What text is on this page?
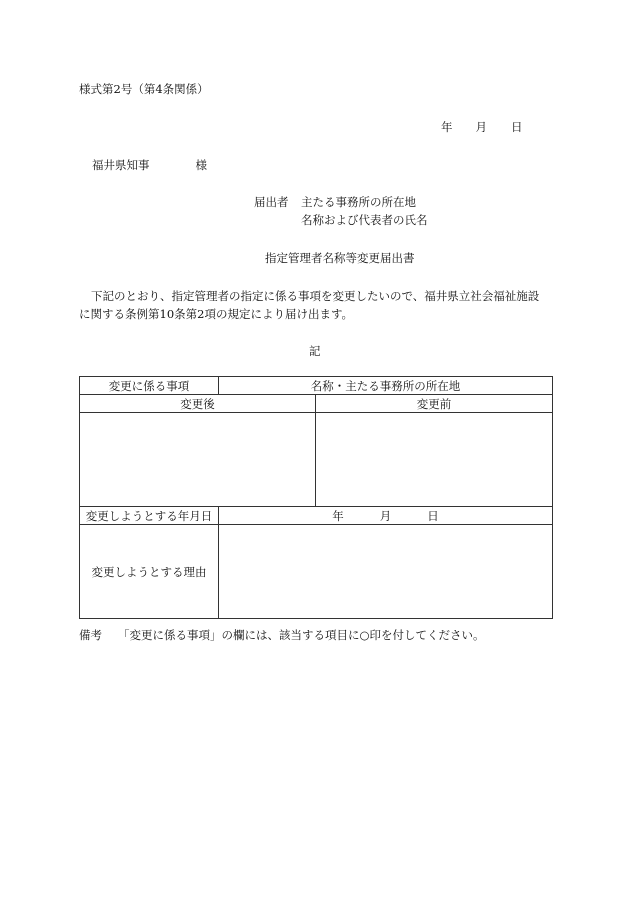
様式第2号（第4条関係）
年 月 日
福井県知事	様
届出者 主たる事務所の所在地
名称および代表者の氏名
指定管理者名称等変更届出書
下記のとおり、指定管理者の指定に係る事項を変更したいので、福井県立社会福祉施設
に関する条例第10条第2項の規定により届け出ます。
記
変更に係る事項	名称・主たる事務所の所在地	
変更後		変更前

変更しようとする年月日	年 月 日	
変更しようとする理由		
備考 「変更に係る事項」の欄には、該当する項目に○印を付してください。
